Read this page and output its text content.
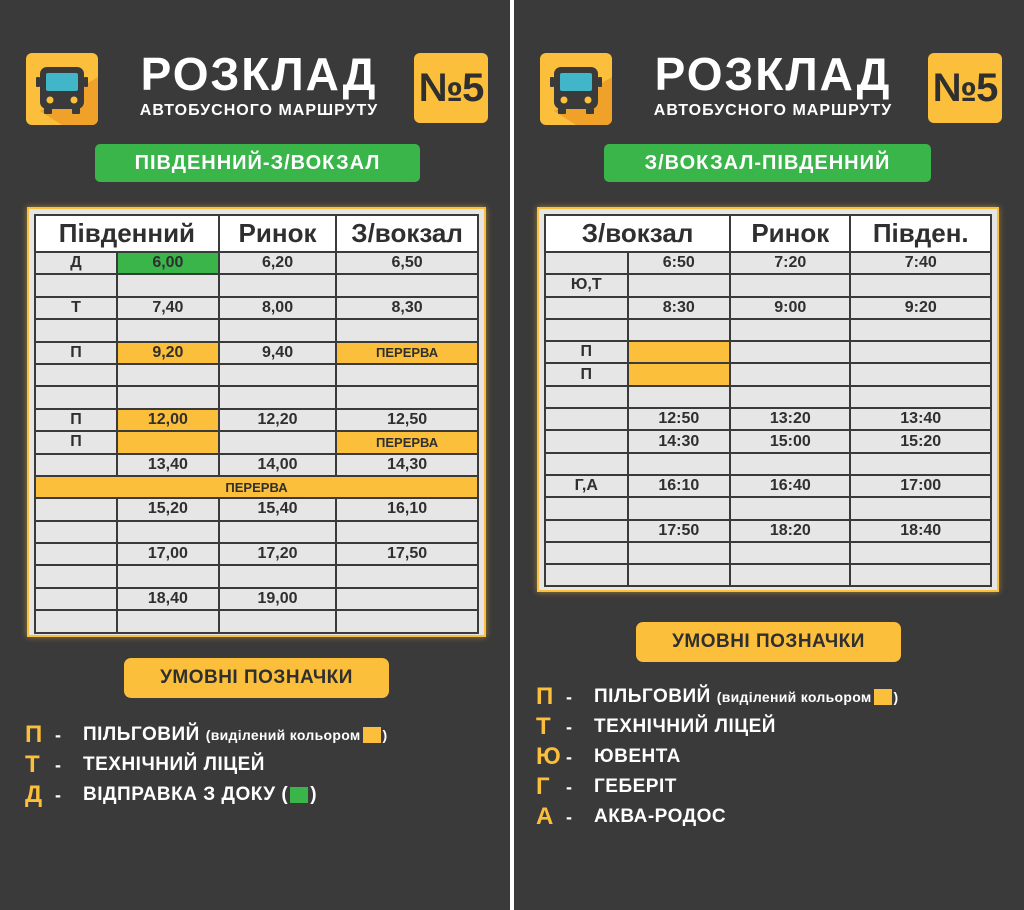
РОЗКЛАД
АВТОБУСНОГО МАРШРУТУ
№5
ПІВДЕННИЙ-З/ВОКЗАЛ
Південний		Ринок	З/вокзал
Д	6,00	6,20	6,50

Т	7,40	8,00	8,30

П	9,20	9,40	ПЕРЕРВА

П	12,00	12,20	12,50
П			ПЕРЕРВА
	13,40	14,00	14,30
ПЕРЕРВА			
	15,20	15,40	16,10

	17,00	17,20	17,50

	18,40	19,00	

УМОВНІ ПОЗНАЧКИ
П -	ПІЛЬГОВИЙ (виділений кольором )
Т -	ТЕХНІЧНИЙ ЛІЦЕЙ
Д -	ВІДПРАВКА З ДОКУ ( )
РОЗКЛАД
АВТОБУСНОГО МАРШРУТУ
№5
З/ВОКЗАЛ-ПІВДЕННИЙ
З/вокзал		Ринок	Півден.
	6:50	7:20	7:40
Ю,Т			
	8:30	9:00	9:20

П			
П			

	12:50	13:20	13:40
	14:30	15:00	15:20

Г,А	16:10	16:40	17:00

	17:50	18:20	18:40

УМОВНІ ПОЗНАЧКИ
П -	ПІЛЬГОВИЙ (виділений кольором )
Т -	ТЕХНІЧНИЙ ЛІЦЕЙ
Ю -	ЮВЕНТА
Г -	ГЕБЕРІТ
А -	АКВА-РОДОС
